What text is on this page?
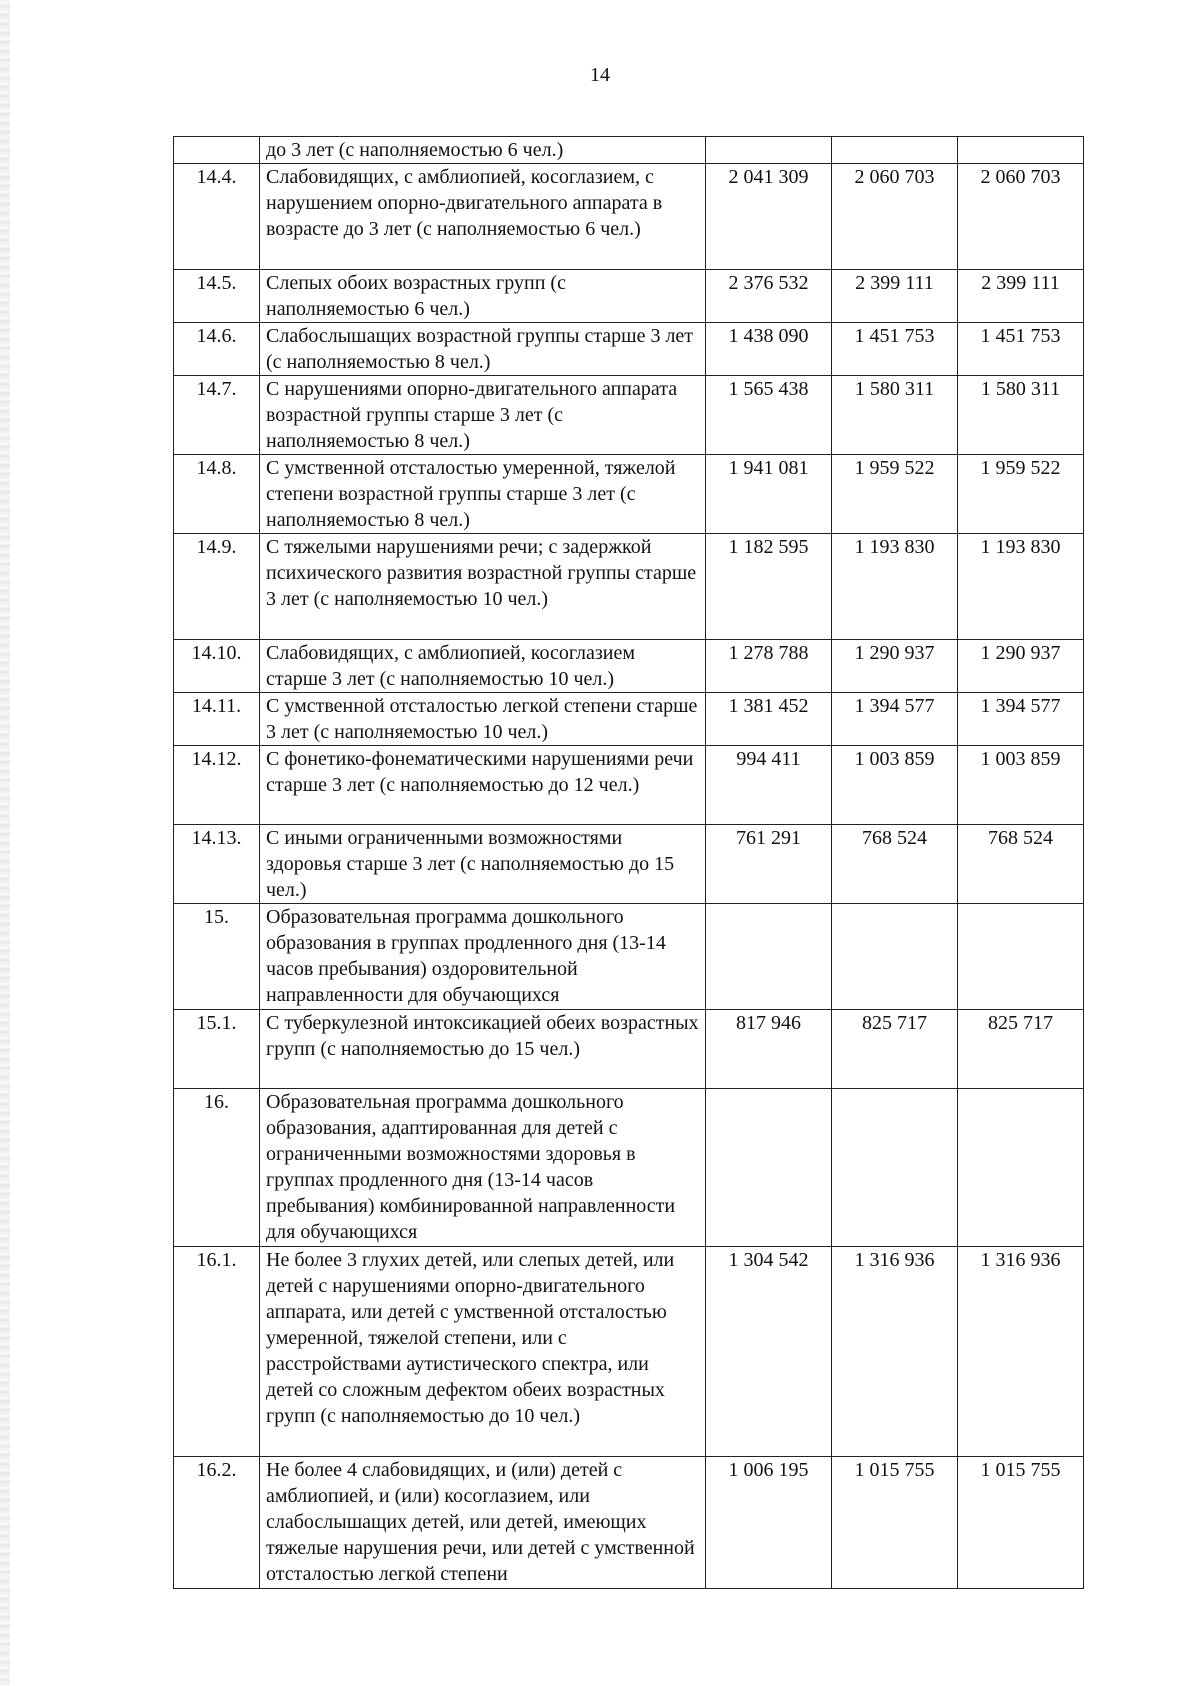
14
	до 3 лет (с наполняемостью 6 чел.)			
14.4.	Слабовидящих, с амблиопией, косоглазием, с нарушением опорно-двигательного аппарата в возрасте до 3 лет (с наполняемостью 6 чел.)	2 041 309	2 060 703	2 060 703
14.5.	Слепых обоих возрастных групп (с наполняемостью 6 чел.)	2 376 532	2 399 111	2 399 111
14.6.	Слабослышащих возрастной группы старше 3 лет (с наполняемостью 8 чел.)	1 438 090	1 451 753	1 451 753
14.7.	С нарушениями опорно-двигательного аппарата возрастной группы старше 3 лет (с наполняемостью 8 чел.)	1 565 438	1 580 311	1 580 311
14.8.	С умственной отсталостью умеренной, тяжелой степени возрастной группы старше 3 лет (с наполняемостью 8 чел.)	1 941 081	1 959 522	1 959 522
14.9.	С тяжелыми нарушениями речи; с задержкой психического развития возрастной группы старше 3 лет (с наполняемостью 10 чел.)	1 182 595	1 193 830	1 193 830
14.10.	Слабовидящих, с амблиопией, косоглазием старше 3 лет (с наполняемостью 10 чел.)	1 278 788	1 290 937	1 290 937
14.11.	С умственной отсталостью легкой степени старше 3 лет (с наполняемостью 10 чел.)	1 381 452	1 394 577	1 394 577
14.12.	С фонетико-фонематическими нарушениями речи старше 3 лет (с наполняемостью до 12 чел.)	994 411	1 003 859	1 003 859
14.13.	С иными ограниченными возможностями здоровья старше 3 лет (с наполняемостью до 15 чел.)	761 291	768 524	768 524
15.	Образовательная программа дошкольного образования в группах продленного дня (13-14 часов пребывания) оздоровительной направленности для обучающихся			
15.1.	С туберкулезной интоксикацией обеих возрастных групп (с наполняемостью до 15 чел.)	817 946	825 717	825 717
16.	Образовательная программа дошкольного образования, адаптированная для детей с ограниченными возможностями здоровья в группах продленного дня (13-14 часов пребывания) комбинированной направленности для обучающихся			
16.1.	Не более 3 глухих детей, или слепых детей, или детей с нарушениями опорно-двигательного аппарата, или детей с умственной отсталостью умеренной, тяжелой степени, или с расстройствами аутистического спектра, или детей со сложным дефектом обеих возрастных групп (с наполняемостью до 10 чел.)	1 304 542	1 316 936	1 316 936
16.2.	Не более 4 слабовидящих, и (или) детей с амблиопией, и (или) косоглазием, или слабослышащих детей, или детей, имеющих тяжелые нарушения речи, или детей с умственной отсталостью легкой степени	1 006 195	1 015 755	1 015 755
